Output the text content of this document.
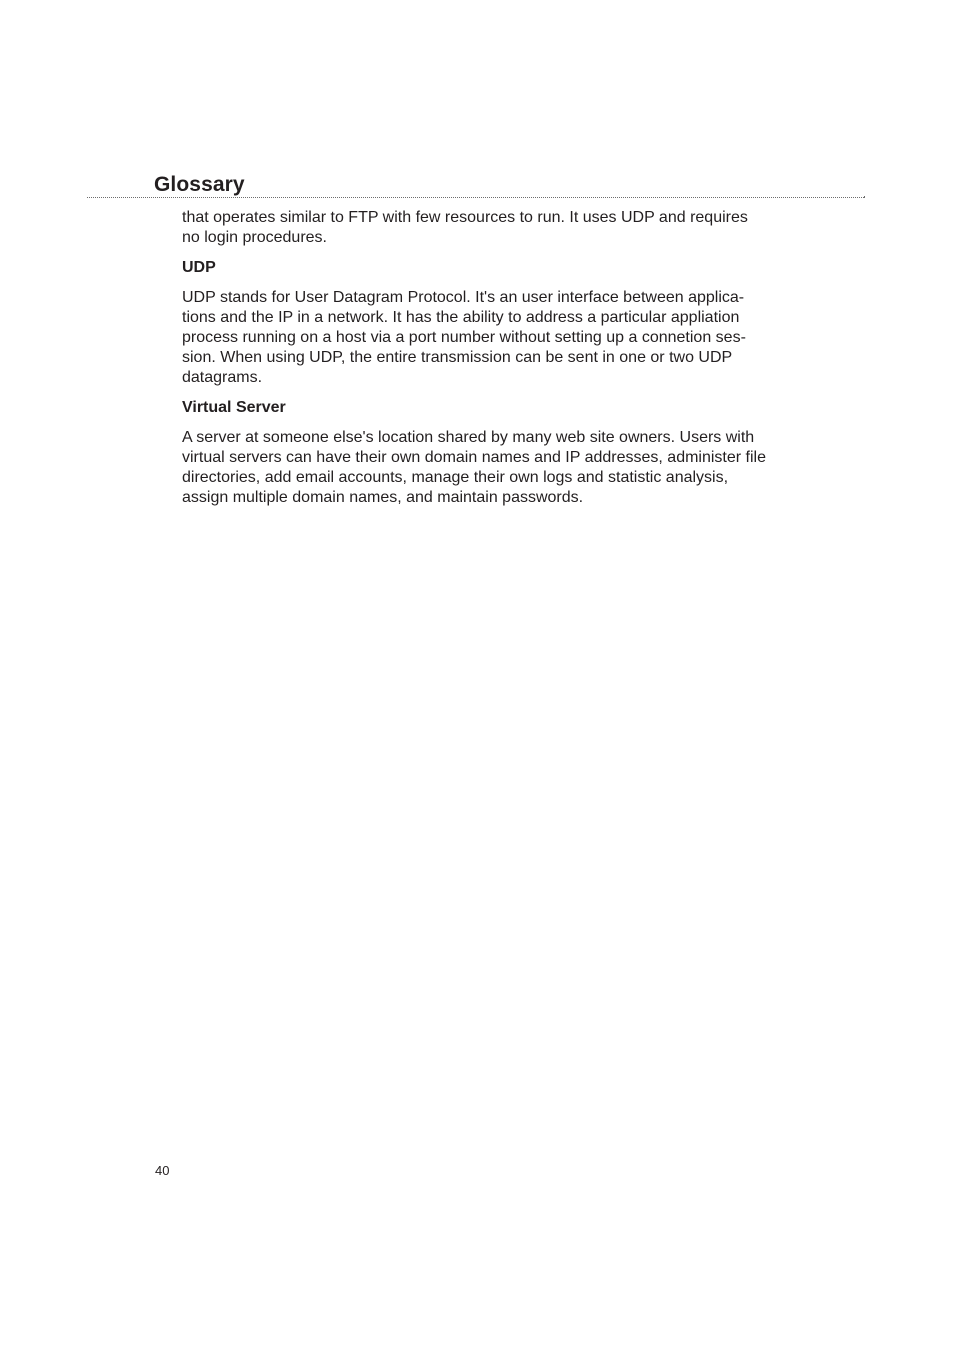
Glossary

that operates similar to FTP with few resources to run. It uses UDP and requires
no login procedures.

UDP

UDP stands for User Datagram Protocol. It's an user interface between applica-
tions and the IP in a network. It has the ability to address a particular appliation
process running on a host via a port number without setting up a connetion ses-
sion. When using UDP, the entire transmission can be sent in one or two UDP
datagrams.

Virtual Server

A server at someone else's location shared by many web site owners. Users with
virtual servers can have their own domain names and IP addresses, administer file
directories, add email accounts, manage their own logs and statistic analysis,
assign multiple domain names, and maintain passwords.

40
